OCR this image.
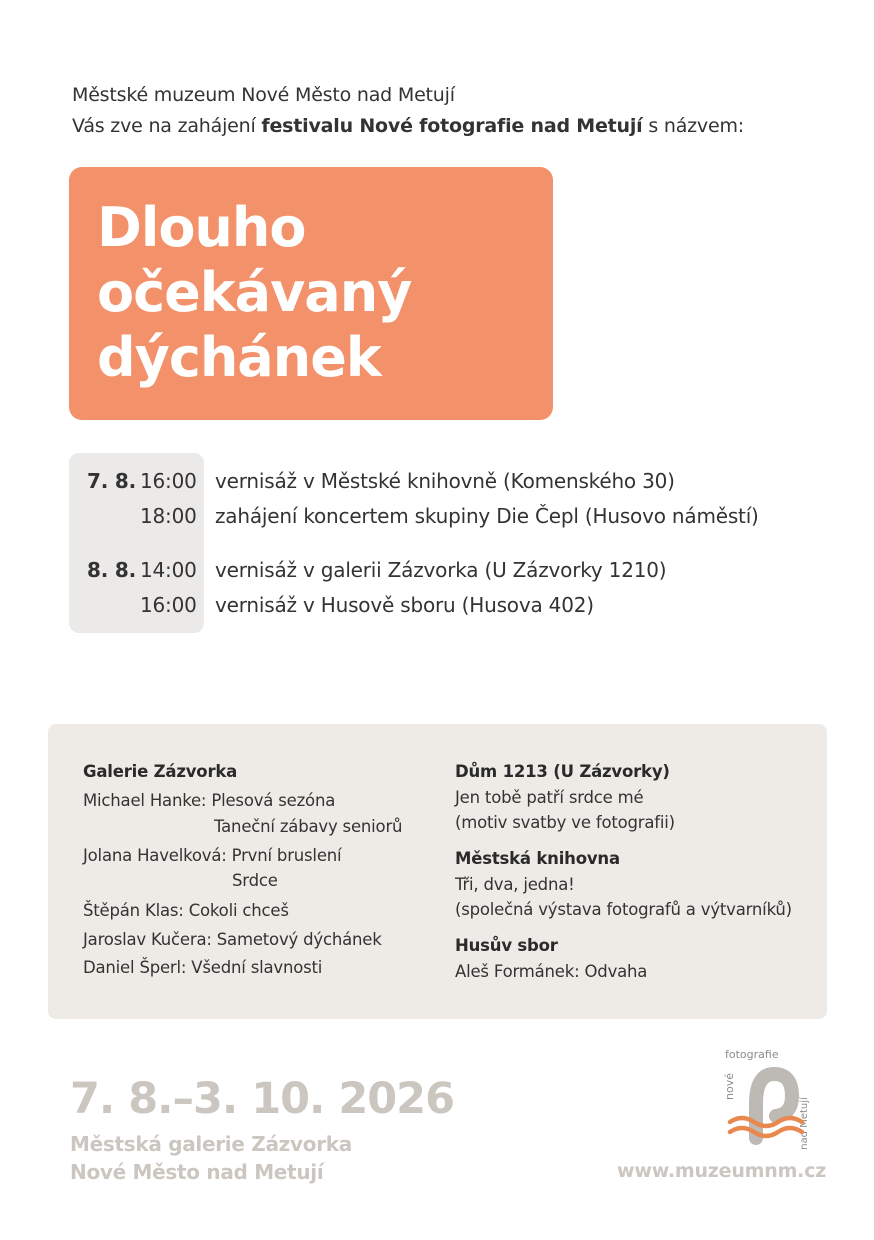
Městské muzeum Nové Město nad Metují
Vás zve na zahájení festivalu Nové fotografie nad Metují s názvem:
Dlouho
očekávaný
dýchánek
7. 8. 16:00 vernisáž v Městské knihovně (Komenského 30)
18:00 zahájení koncertem skupiny Die Čepl (Husovo náměstí)
8. 8. 14:00 vernisáž v galerii Zázvorka (U Zázvorky 1210)
16:00 vernisáž v Husově sboru (Husova 402)
Galerie Zázvorka
Michael Hanke: Plesová sezóna
Taneční zábavy seniorů
Jolana Havelková: První bruslení
Srdce
Štěpán Klas: Cokoli chceš
Jaroslav Kučera: Sametový dýchánek
Daniel Šperl: Všední slavnosti
Dům 1213 (U Zázvorky)
Jen tobě patří srdce mé
(motiv svatby ve fotografii)
Městská knihovna
Tři, dva, jedna!
(společná výstava fotografů a výtvarníků)
Husův sbor
Aleš Formánek: Odvaha
7. 8.–3. 10. 2026
Městská galerie Zázvorka
Nové Město nad Metují	www.muzeumnm.cz
fotografie
nové
nad Metují
